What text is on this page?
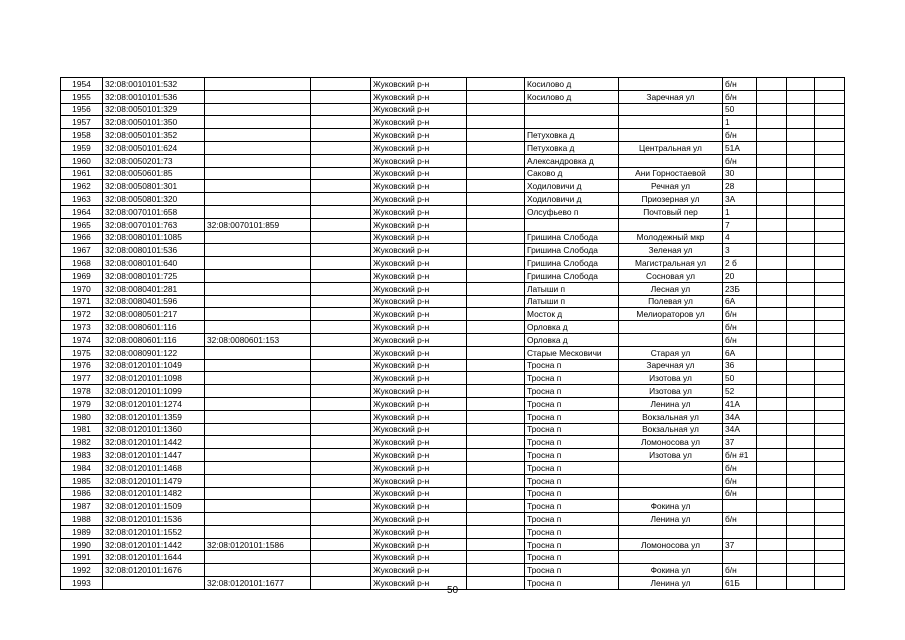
1954	32:08:0010101:532			Жуковский р-н		Косилово д		б/н			
1955	32:08:0010101:536			Жуковский р-н		Косилово д	Заречная ул	б/н			
1956	32:08:0050101:329			Жуковский р-н				50			
1957	32:08:0050101:350			Жуковский р-н				1			
1958	32:08:0050101:352			Жуковский р-н		Петуховка д		б/н			
1959	32:08:0050101:624			Жуковский р-н		Петуховка д	Центральная ул	51А			
1960	32:08:0050201:73			Жуковский р-н		Александровка д		б/н			
1961	32:08:0050601:85			Жуковский р-н		Саково д	Ани Горностаевой	30			
1962	32:08:0050801:301			Жуковский р-н		Ходиловичи д	Речная ул	28			
1963	32:08:0050801:320			Жуковский р-н		Ходиловичи д	Приозерная ул	3А			
1964	32:08:0070101:658			Жуковский р-н		Олсуфьево п	Почтовый пер	1			
1965	32:08:0070101:763	32:08:0070101:859		Жуковский р-н				7			
1966	32:08:0080101:1085			Жуковский р-н		Гришина Слобода	Молодежный мкр	4			
1967	32:08:0080101:536			Жуковский р-н		Гришина Слобода	Зеленая ул	3			
1968	32:08:0080101:640			Жуковский р-н		Гришина Слобода	Магистральная ул	2 б			
1969	32:08:0080101:725			Жуковский р-н		Гришина Слобода	Сосновая ул	20			
1970	32:08:0080401:281			Жуковский р-н		Латыши п	Лесная ул	23Б			
1971	32:08:0080401:596			Жуковский р-н		Латыши п	Полевая ул	6А			
1972	32:08:0080501:217			Жуковский р-н		Мосток д	Мелиораторов ул	б/н			
1973	32:08:0080601:116			Жуковский р-н		Орловка д		б/н			
1974	32:08:0080601:116	32:08:0080601:153		Жуковский р-н		Орловка д		б/н			
1975	32:08:0080901:122			Жуковский р-н		Старые Месковичи	Старая ул	6А			
1976	32:08:0120101:1049			Жуковский р-н		Тросна п	Заречная ул	36			
1977	32:08:0120101:1098			Жуковский р-н		Тросна п	Изотова ул	50			
1978	32:08:0120101:1099			Жуковский р-н		Тросна п	Изотова ул	52			
1979	32:08:0120101:1274			Жуковский р-н		Тросна п	Ленина ул	41А			
1980	32:08:0120101:1359			Жуковский р-н		Тросна п	Вокзальная ул	34А			
1981	32:08:0120101:1360			Жуковский р-н		Тросна п	Вокзальная ул	34А			
1982	32:08:0120101:1442			Жуковский р-н		Тросна п	Ломоносова ул	37			
1983	32:08:0120101:1447			Жуковский р-н		Тросна п	Изотова ул	б/н #1			
1984	32:08:0120101:1468			Жуковский р-н		Тросна п		б/н			
1985	32:08:0120101:1479			Жуковский р-н		Тросна п		б/н			
1986	32:08:0120101:1482			Жуковский р-н		Тросна п		б/н			
1987	32:08:0120101:1509			Жуковский р-н		Тросна п	Фокина ул				
1988	32:08:0120101:1536			Жуковский р-н		Тросна п	Ленина ул	б/н			
1989	32:08:0120101:1552			Жуковский р-н		Тросна п					
1990	32:08:0120101:1442	32:08:0120101:1586		Жуковский р-н		Тросна п	Ломоносова ул	37			
1991	32:08:0120101:1644			Жуковский р-н		Тросна п					
1992	32:08:0120101:1676			Жуковский р-н		Тросна п	Фокина ул	б/н			
1993		32:08:0120101:1677		Жуковский р-н		Тросна п	Ленина ул	61Б			
50
